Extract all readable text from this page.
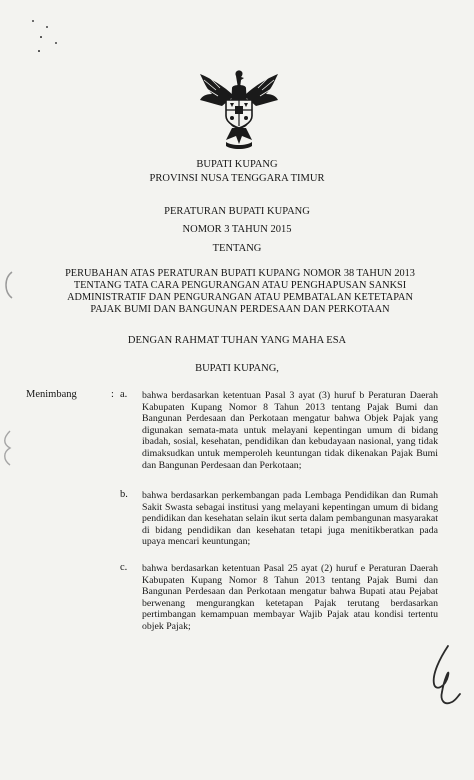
BUPATI KUPANG
PROVINSI NUSA TENGGARA TIMUR
PERATURAN BUPATI KUPANG
NOMOR 3 TAHUN 2015
TENTANG
PERUBAHAN ATAS PERATURAN BUPATI KUPANG NOMOR 38 TAHUN 2013
TENTANG TATA CARA PENGURANGAN ATAU PENGHAPUSAN SANKSI
ADMINISTRATIF DAN PENGURANGAN ATAU PEMBATALAN KETETAPAN
PAJAK BUMI DAN BANGUNAN PERDESAAN DAN PERKOTAAN
DENGAN RAHMAT TUHAN YANG MAHA ESA
BUPATI KUPANG,
Menimbang	: a. bahwa berdasarkan ketentuan Pasal 3 ayat (3) huruf b Peraturan Daerah Kabupaten Kupang Nomor 8 Tahun 2013 tentang Pajak Bumi dan Bangunan Perdesaan dan Perkotaan mengatur bahwa Objek Pajak yang digunakan semata-mata untuk melayani kepentingan umum di bidang ibadah, sosial, kesehatan, pendidikan dan kebudayaan nasional, yang tidak dimaksudkan untuk memperoleh keuntungan tidak dikenakan Pajak Bumi dan Bangunan Perdesaan dan Perkotaan;
b. bahwa berdasarkan perkembangan pada Lembaga Pendidikan dan Rumah Sakit Swasta sebagai institusi yang melayani kepentingan umum di bidang pendidikan dan kesehatan selain ikut serta dalam pembangunan masyarakat di bidang pendidikan dan kesehatan tetapi juga menitikberatkan pada upaya mencari keuntungan;
c. bahwa berdasarkan ketentuan Pasal 25 ayat (2) huruf e Peraturan Daerah Kabupaten Kupang Nomor 8 Tahun 2013 tentang Pajak Bumi dan Bangunan Perdesaan dan Perkotaan mengatur bahwa Bupati atau Pejabat berwenang mengurangkan ketetapan Pajak terutang berdasarkan pertimbangan kemampuan membayar Wajib Pajak atau kondisi tertentu objek Pajak;
